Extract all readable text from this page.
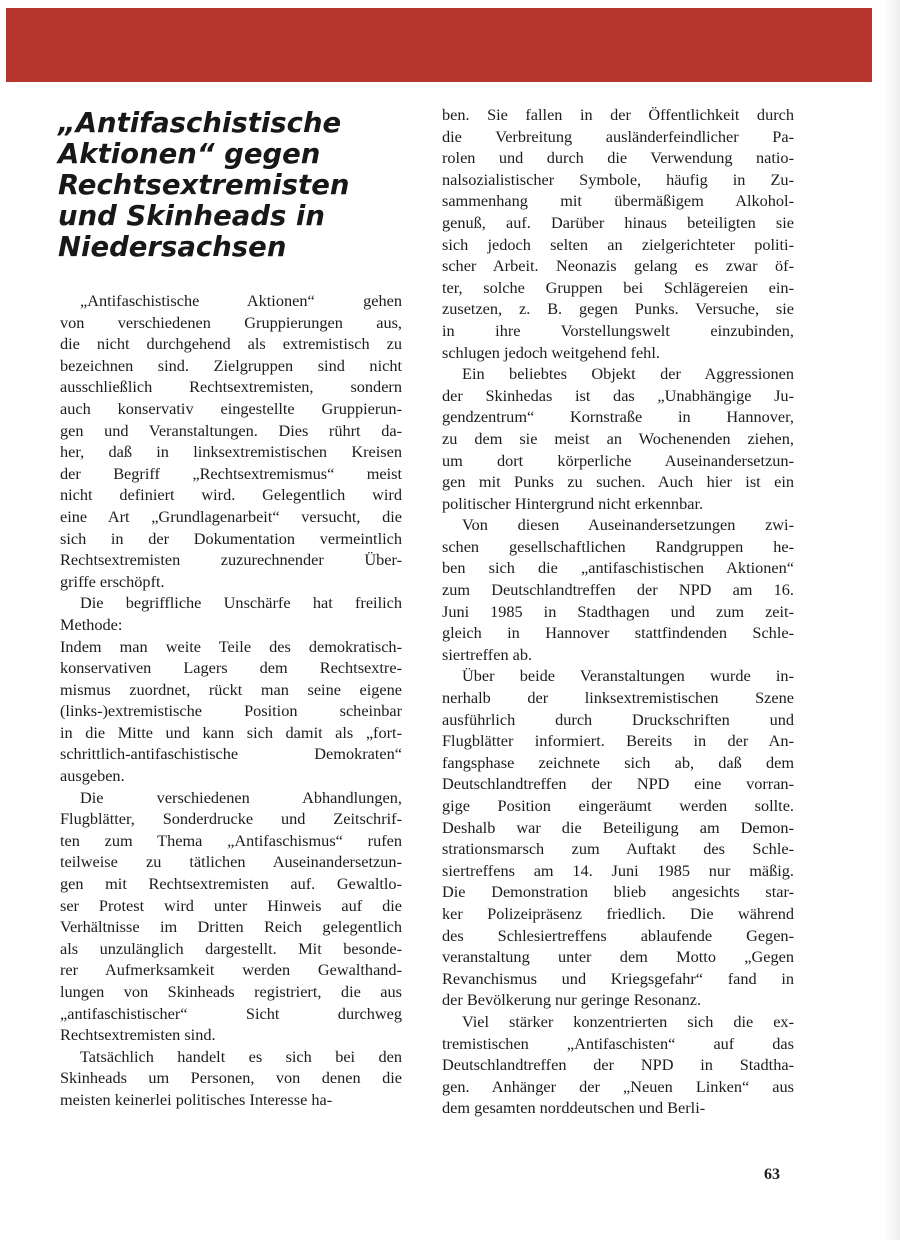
„Antifaschistische
Aktionen“ gegen
Rechtsextremisten
und Skinheads in
Niedersachsen

„Antifaschistische Aktionen“ gehen
von verschiedenen Gruppierungen aus,
die nicht durchgehend als extremistisch zu
bezeichnen sind. Zielgruppen sind nicht
ausschließlich Rechtsextremisten, sondern
auch konservativ eingestellte Gruppierun-
gen und Veranstaltungen. Dies rührt da-
her, daß in linksextremistischen Kreisen
der Begriff „Rechtsextremismus“ meist
nicht definiert wird. Gelegentlich wird
eine Art „Grundlagenarbeit“ versucht, die
sich in der Dokumentation vermeintlich
Rechtsextremisten zuzurechnender Über-
griffe erschöpft.

Die begriffliche Unschärfe hat freilich
Methode:

Indem man weite Teile des demokratisch-
konservativen Lagers dem Rechtsextre-
mismus zuordnet, rückt man seine eigene
(links-)extremistische Position scheinbar
in die Mitte und kann sich damit als „fort-
schrittlich-antifaschistische Demokraten“
ausgeben.

Die verschiedenen Abhandlungen,
Flugblätter, Sonderdrucke und Zeitschrif-
ten zum Thema „Antifaschismus“ rufen
teilweise zu tätlichen Auseinandersetzun-
gen mit Rechtsextremisten auf. Gewaltlo-
ser Protest wird unter Hinweis auf die
Verhältnisse im Dritten Reich gelegentlich
als unzulänglich dargestellt. Mit besonde-
rer Aufmerksamkeit werden Gewalthand-
lungen von Skinheads registriert, die aus
„antifaschistischer“ Sicht durchweg
Rechtsextremisten sind.

Tatsächlich handelt es sich bei den
Skinheads um Personen, von denen die
meisten keinerlei politisches Interesse ha-

ben. Sie fallen in der Öffentlichkeit durch
die Verbreitung ausländerfeindlicher Pa-
rolen und durch die Verwendung natio-
nalsozialistischer Symbole, häufig in Zu-
sammenhang mit übermäßigem Alkohol-
genuß, auf. Darüber hinaus beteiligten sie
sich jedoch selten an zielgerichteter politi-
scher Arbeit. Neonazis gelang es zwar öf-
ter, solche Gruppen bei Schlägereien ein-
zusetzen, z. B. gegen Punks. Versuche, sie
in ihre Vorstellungswelt einzubinden,
schlugen jedoch weitgehend fehl.

Ein beliebtes Objekt der Aggressionen
der Skinhedas ist das „Unabhängige Ju-
gendzentrum“ Kornstraße in Hannover,
zu dem sie meist an Wochenenden ziehen,
um dort körperliche Auseinandersetzun-
gen mit Punks zu suchen. Auch hier ist ein
politischer Hintergrund nicht erkennbar.

Von diesen Auseinandersetzungen zwi-
schen gesellschaftlichen Randgruppen he-
ben sich die „antifaschistischen Aktionen“
zum Deutschlandtreffen der NPD am 16.
Juni 1985 in Stadthagen und zum zeit-
gleich in Hannover stattfindenden Schle-
siertreffen ab.

Über beide Veranstaltungen wurde in-
nerhalb der linksextremistischen Szene
ausführlich durch Druckschriften und
Flugblätter informiert. Bereits in der An-
fangsphase zeichnete sich ab, daß dem
Deutschlandtreffen der NPD eine vorran-
gige Position eingeräumt werden sollte.
Deshalb war die Beteiligung am Demon-
strationsmarsch zum Auftakt des Schle-
siertreffens am 14. Juni 1985 nur mäßig.
Die Demonstration blieb angesichts star-
ker Polizeipräsenz friedlich. Die während
des Schlesiertreffens ablaufende Gegen-
veranstaltung unter dem Motto „Gegen
Revanchismus und Kriegsgefahr“ fand in
der Bevölkerung nur geringe Resonanz.

Viel stärker konzentrierten sich die ex-
tremistischen „Antifaschisten“ auf das
Deutschlandtreffen der NPD in Stadtha-
gen. Anhänger der „Neuen Linken“ aus
dem gesamten norddeutschen und Berli-

63
